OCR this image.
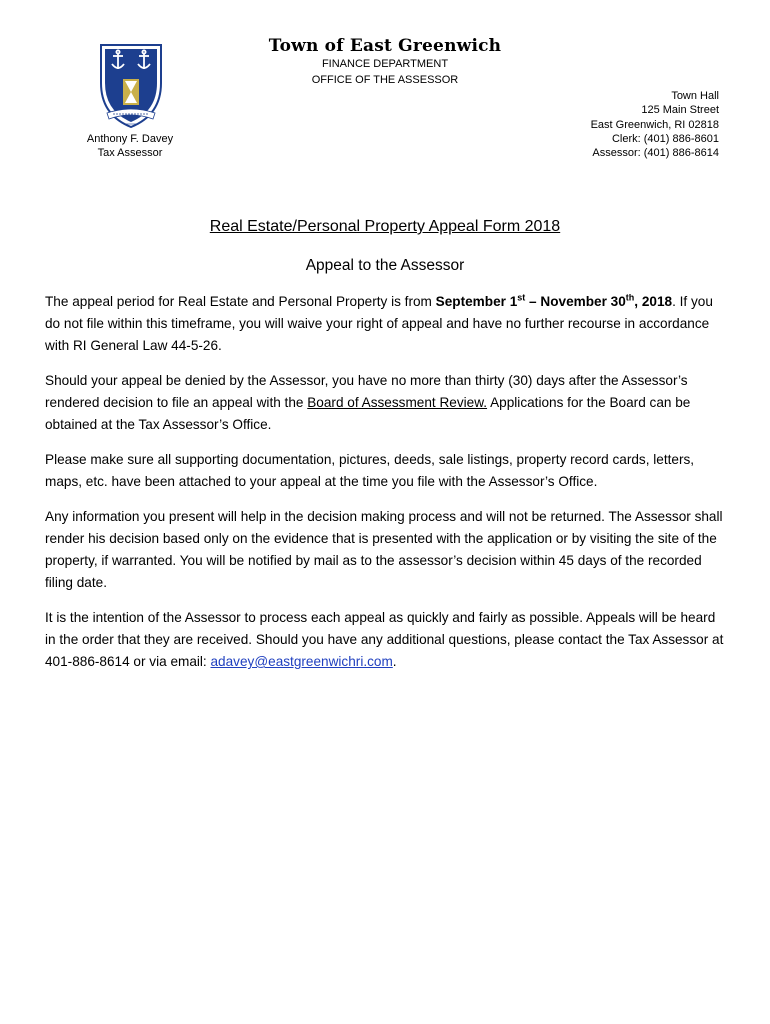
Town of East Greenwich
FINANCE DEPARTMENT
OFFICE OF THE ASSESSOR
Anthony F. Davey
Tax Assessor
Town Hall
125 Main Street
East Greenwich, RI 02818
Clerk: (401) 886-8601
Assessor: (401) 886-8614
Real Estate/Personal Property Appeal Form 2018
Appeal to the Assessor

The appeal period for Real Estate and Personal Property is from September 1st – November 30th, 2018. If you do not file within this timeframe, you will waive your right of appeal and have no further recourse in accordance with RI General Law 44-5-26.

Should your appeal be denied by the Assessor, you have no more than thirty (30) days after the Assessor’s rendered decision to file an appeal with the Board of Assessment Review. Applications for the Board can be obtained at the Tax Assessor’s Office.

Please make sure all supporting documentation, pictures, deeds, sale listings, property record cards, letters, maps, etc. have been attached to your appeal at the time you file with the Assessor’s Office.

Any information you present will help in the decision making process and will not be returned. The Assessor shall render his decision based only on the evidence that is presented with the application or by visiting the site of the property, if warranted. You will be notified by mail as to the assessor’s decision within 45 days of the recorded filing date.

It is the intention of the Assessor to process each appeal as quickly and fairly as possible. Appeals will be heard in the order that they are received. Should you have any additional questions, please contact the Tax Assessor at 401-886-8614 or via email: adavey@eastgreenwichri.com.
